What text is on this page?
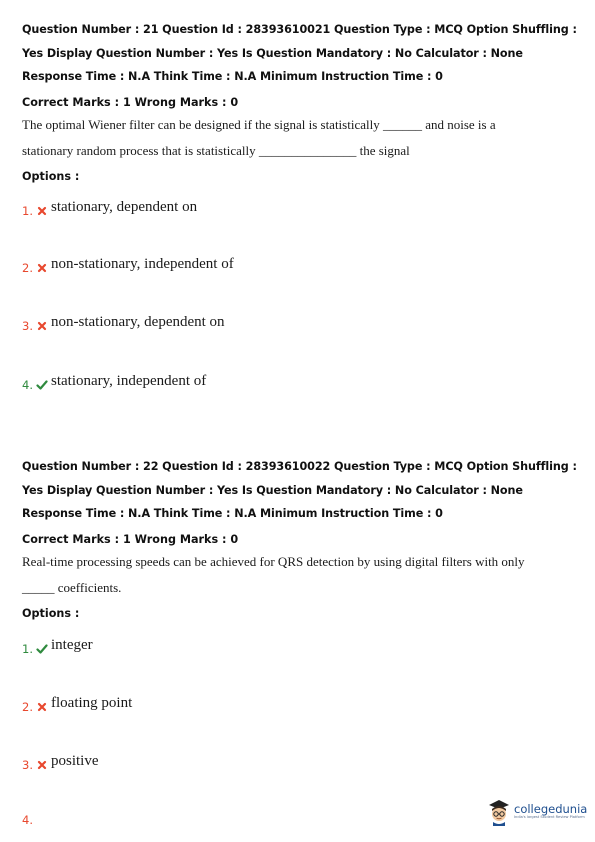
Question Number : 21 Question Id : 28393610021 Question Type : MCQ Option Shuffling : Yes Display Question Number : Yes Is Question Mandatory : No Calculator : None Response Time : N.A Think Time : N.A Minimum Instruction Time : 0
Correct Marks : 1 Wrong Marks : 0
The optimal Wiener filter can be designed if the signal is statistically ______ and noise is a
stationary random process that is statistically _______________ the signal
Options :
1. stationary, dependent on
2. non-stationary, independent of
3. non-stationary, dependent on
4. stationary, independent of
Question Number : 22 Question Id : 28393610022 Question Type : MCQ Option Shuffling : Yes Display Question Number : Yes Is Question Mandatory : No Calculator : None Response Time : N.A Think Time : N.A Minimum Instruction Time : 0
Correct Marks : 1 Wrong Marks : 0
Real-time processing speeds can be achieved for QRS detection by using digital filters with only
_____ coefficients.
Options :
1. integer
2. floating point
3. positive
4.
collegedunia
India's largest Student Review Platform
